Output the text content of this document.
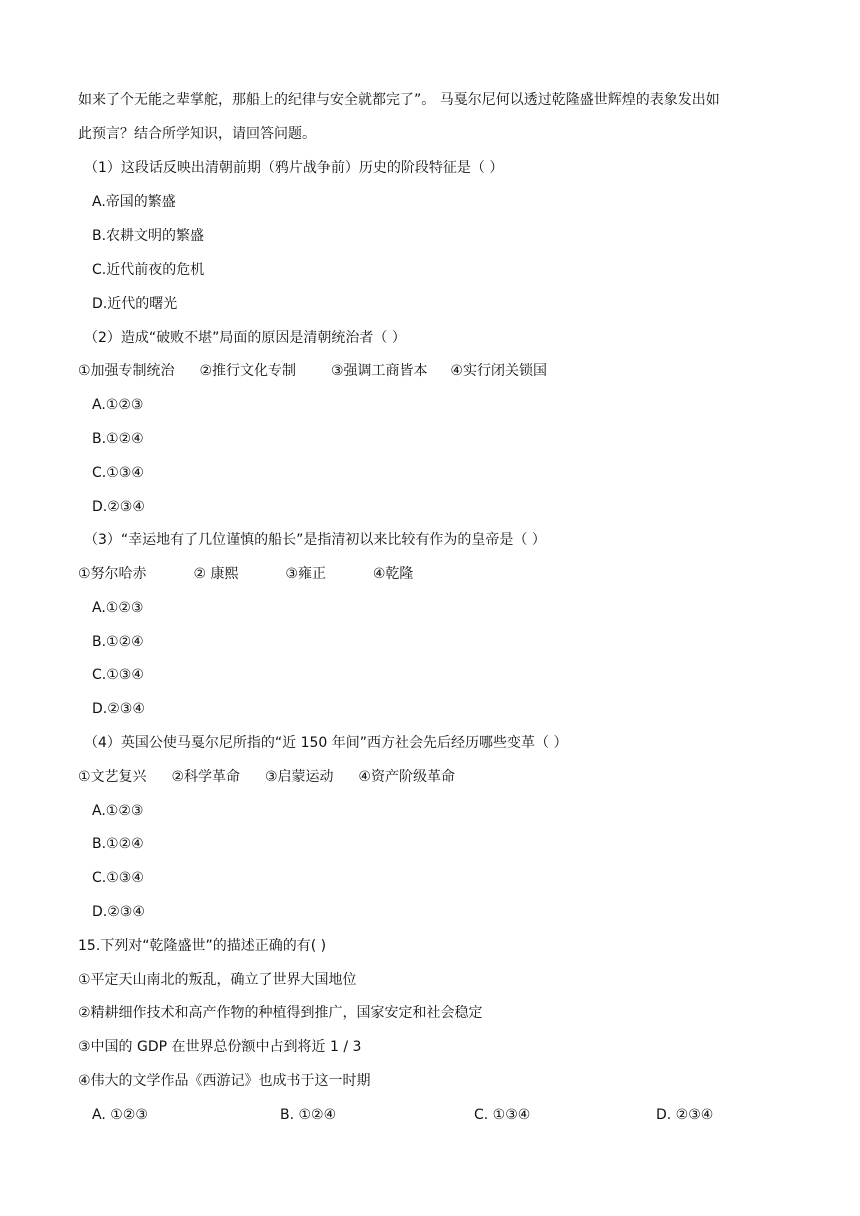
如来了个无能之辈掌舵，那船上的纪律与安全就都完了”。 马戛尔尼何以透过乾隆盛世辉煌的表象发出如
此预言？结合所学知识，请回答问题。
（1）这段话反映出清朝前期（鸦片战争前）历史的阶段特征是（ ）
A.帝国的繁盛
B.农耕文明的繁盛
C.近代前夜的危机
D.近代的曙光
（2）造成“破败不堪”局面的原因是清朝统治者（ ）
①加强专制统治 ②推行文化专制 ③强调工商皆本 ④实行闭关锁国
A.①②③
B.①②④
C.①③④
D.②③④
（3）“幸运地有了几位谨慎的船长”是指清初以来比较有作为的皇帝是（ ）
①努尔哈赤	② 康熙	③雍正	④乾隆
A.①②③
B.①②④
C.①③④
D.②③④
（4）英国公使马戛尔尼所指的“近 150 年间”西方社会先后经历哪些变革（ ）
①文艺复兴 ②科学革命 ③启蒙运动 ④资产阶级革命
A.①②③
B.①②④
C.①③④
D.②③④
15.下列对“乾隆盛世”的描述正确的有( )
①平定天山南北的叛乱，确立了世界大国地位
②精耕细作技术和高产作物的种植得到推广，国家安定和社会稳定
③中国的 GDP 在世界总份额中占到将近 1 / 3
④伟大的文学作品《西游记》也成书于这一时期
A. ①②③	B. ①②④	C. ①③④	D. ②③④
